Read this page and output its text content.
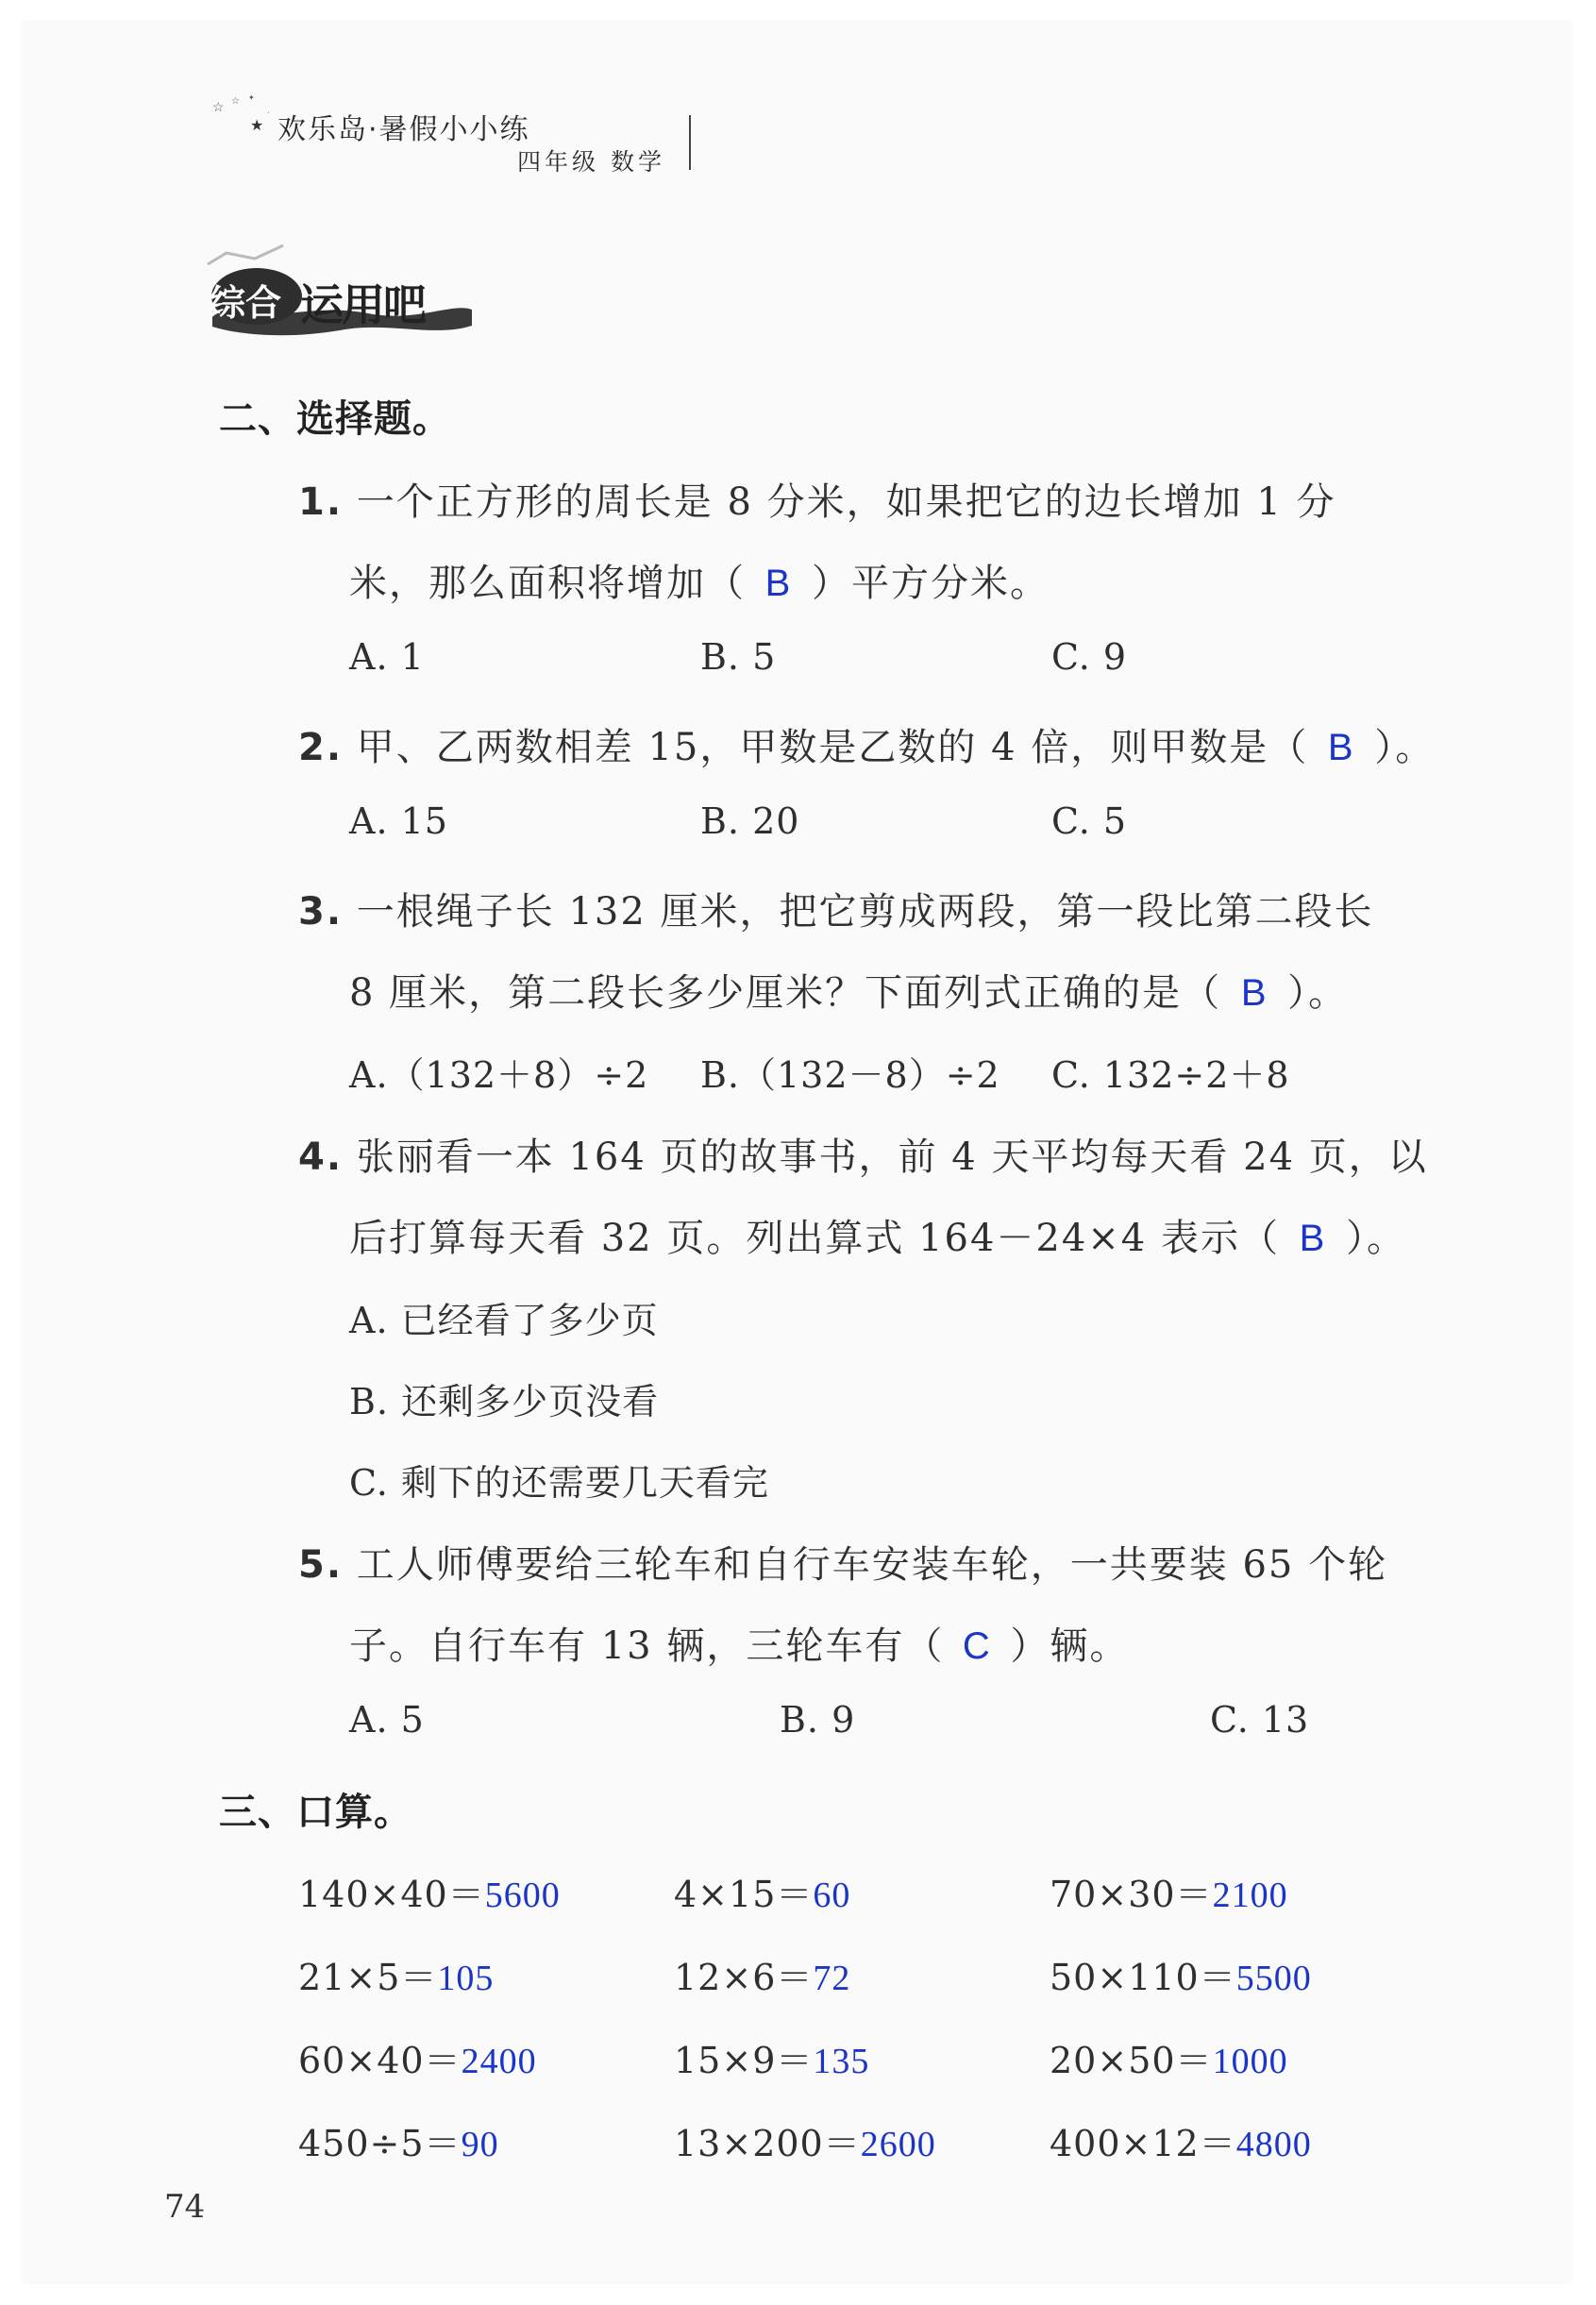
☆ ☆ ✦
★
·
欢乐岛·暑假小小练
四年级 数学
综合 运用吧
二、选择题。
1. 一个正方形的周长是 8 分米，如果把它的边长增加 1 分
米，那么面积将增加（ B ）平方分米。
A. 1	B. 5	C. 9
2. 甲、乙两数相差 15，甲数是乙数的 4 倍，则甲数是（ B ）。
A. 15	B. 20	C. 5
3. 一根绳子长 132 厘米，把它剪成两段，第一段比第二段长
8 厘米，第二段长多少厘米？下面列式正确的是（ B ）。
A.（132＋8）÷2 B.（132－8）÷2 C. 132÷2＋8
4. 张丽看一本 164 页的故事书，前 4 天平均每天看 24 页，以
后打算每天看 32 页。列出算式 164－24×4 表示（ B ）。
A. 已经看了多少页
B. 还剩多少页没看
C. 剩下的还需要几天看完
5. 工人师傅要给三轮车和自行车安装车轮，一共要装 65 个轮
子。自行车有 13 辆，三轮车有（ C ）辆。
A. 5	B. 9	C. 13
三、口算。
140×40＝5600	4×15＝60	70×30＝2100
21×5＝105	12×6＝72	50×110＝5500
60×40＝2400	15×9＝135	20×50＝1000
450÷5＝90	13×200＝2600	400×12＝4800
74
